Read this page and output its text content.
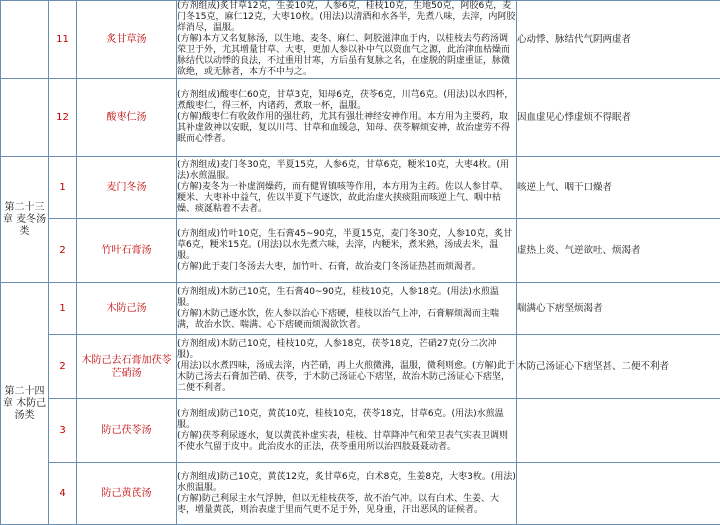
	11	炙甘草汤	(方剂组成)炙甘草12克，生姜10克，人参6克，桂枝10克，生地50克，阿胶6克，麦门冬15克，麻仁12克，大枣10枚。(用法)以清酒和水各半，先煮八味，去滓，内阿胶烊消尽，温服。
(方解)本方又名复脉汤，以生地、麦冬、麻仁、阿胶滋津血于内，以桂枝去芍药汤调荣卫于外，尤其增量甘草、大枣，更加人参以补中气以资血气之源，此治津血枯燥而脉结代以动悸的良法，不过重用甘寒，方后虽有复脉之名，在虚脱的阴虚重证，脉微欲绝，或无脉者，本方不中与之。	心动悸、脉结代气阴两虚者
	12	酸枣仁汤	(方剂组成)酸枣仁60克，甘草3克，知母6克，茯苓6克，川芎6克。(用法)以水四杯，煮酸枣仁，得三杯，内诸药，煮取一杯，温服。
(方解)酸枣仁有收敛作用的强壮药，尤其有强壮神经安神作用。本方用为主要药，取其补虚敛神以安眠，复以川芎、甘草和血缓急，知母、茯苓解烦安神，故治虚劳不得眠而心悸者。	因血虚见心悸虚烦不得眠者
第二十三章 麦冬汤类	1	麦门冬汤	(方剂组成)麦门冬30克，半夏15克，人参6克，甘草6克，粳米10克，大枣4枚。(用法)水煎温服。
(方解)麦冬为一补虚润燥药，而有健胃镇咳等作用，本方用为主药。佐以人参甘草、粳米、大枣补中益气，佐以半夏下气逐饮，故此治虚火挟痰阻而咳逆上气、咽中枯燥、痰涎粘着不去者。	咳逆上气、咽干口燥者
	2	竹叶石膏汤	(方剂组成)竹叶10克，生石膏45~90克，半夏15克，麦门冬30克，人参10克，炙甘草6克，粳米15克。(用法)以水先煮六味，去滓，内粳米，煮米熟，汤成去米，温服。
(方解)此于麦门冬汤去大枣，加竹叶、石膏，故治麦门冬汤证热甚而烦渴者。	虚热上炎、气逆欲吐、烦渴者
第二十四章 木防己汤类	1	木防己汤	(方剂组成)木防己10克，生石膏40~90克，桂枝10克，人参18克。(用法)水煎温服。
(方解)木防己逐水饮，佐人参以治心下痞硬，桂枝以治气上冲，石膏解烦渴而主喘满，故治水饮、喘满、心下痞硬而烦渴欲饮者。	喘满心下痞坚烦渴者
	2	木防己去石膏加茯苓芒硝汤	(方剂组成)木防己10克，桂枝10克，人参18克，茯苓18克，芒硝27克(分二次冲服)。
(用法)以水煮四味，汤成去滓，内芒硝，再上火煎微沸，温服，微利则愈。(方解)此于木防己汤去石膏加芒硝、茯苓，于木防己汤证心下痞坚，故治木防己汤证心下痞坚，二便不利者。	木防己汤证心下痞坚甚、二便不利者
	3	防己茯苓汤	(方剂组成)防己10克，黄芪10克，桂枝10克，茯苓18克，甘草6克。(用法)水煎温服。
(方解)茯苓利尿逐水，复以黄芪补虚实表，桂枝、甘草降冲气和荣卫表气实表卫调则不使水气留于皮中。此治皮水的正法，茯苓重用所以治四肢聂聂动者。	

	4	防己黄芪汤	(方剂组成)防己10克，黄芪12克，炙甘草6克，白术8克，生姜8克，大枣3枚。(用法)水煎温服。
(方解)防己利尿主水气浮肿，但以无桂枝茯苓，故不治气冲。以有白术、生姜、大枣，增量黄芪，则治表虚于里而气更不足于外，见身重，汗出恶风的证候者。	
